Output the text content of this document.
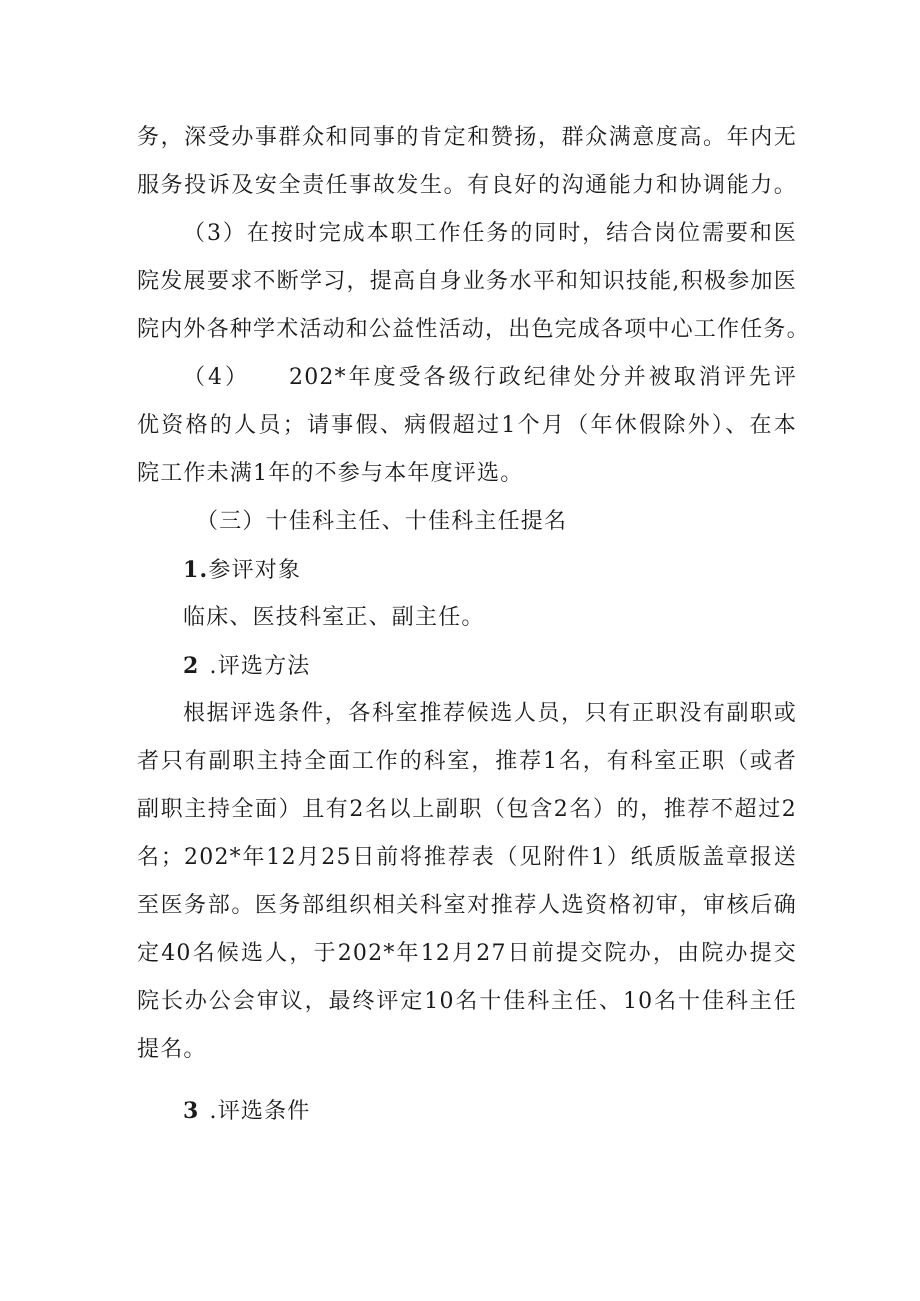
务，深受办事群众和同事的肯定和赞扬，群众满意度高。年内无
服务投诉及安全责任事故发生。有良好的沟通能力和协调能力。
（3）在按时完成本职工作任务的同时，结合岗位需要和医
院发展要求不断学习，提高自身业务水平和知识技能,积极参加医
院内外各种学术活动和公益性活动，出色完成各项中心工作任务。
（4）　　202*年度受各级行政纪律处分并被取消评先评
优资格的人员；请事假、病假超过1个月（年休假除外）、在本
院工作未满1年的不参与本年度评选。
（三）十佳科主任、十佳科主任提名
1.参评对象
临床、医技科室正、副主任。
2 .评选方法
根据评选条件，各科室推荐候选人员，只有正职没有副职或
者只有副职主持全面工作的科室，推荐1名，有科室正职（或者
副职主持全面）且有2名以上副职（包含2名）的，推荐不超过2
名；202*年12月25日前将推荐表（见附件1）纸质版盖章报送
至医务部。医务部组织相关科室对推荐人选资格初审，审核后确
定40名候选人，于202*年12月27日前提交院办，由院办提交
院长办公会审议，最终评定10名十佳科主任、10名十佳科主任
提名。
3 .评选条件
